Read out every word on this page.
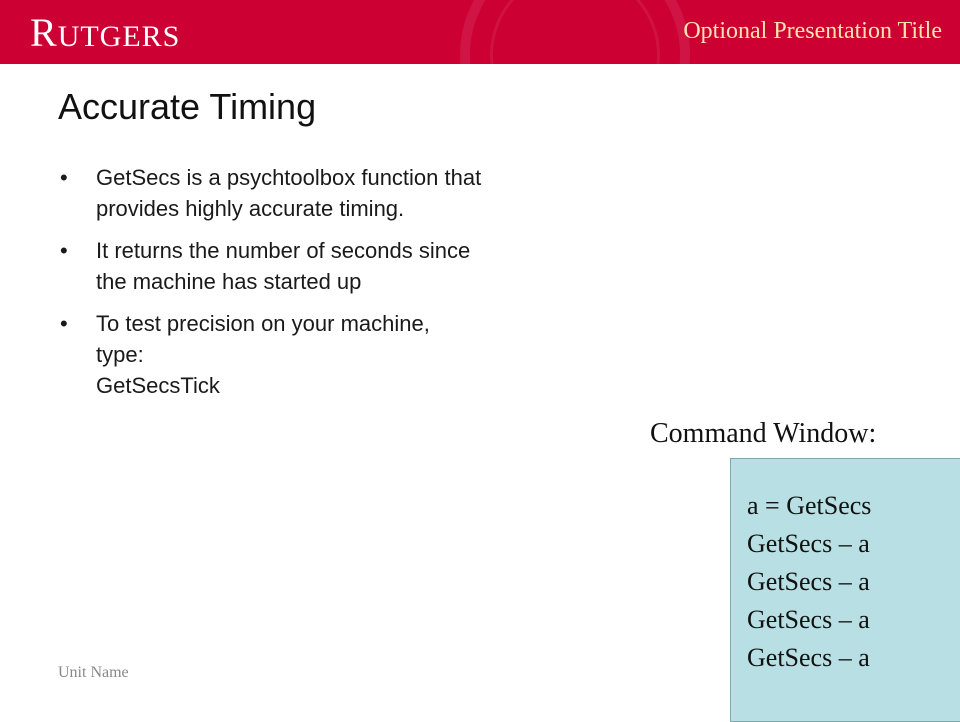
RUTGERS	Optional Presentation Title
Accurate Timing
• GetSecs is a psychtoolbox function that
provides highly accurate timing.
• It returns the number of seconds since
the machine has started up
• To test precision on your machine,
type:
GetSecsTick
Command Window:
a = GetSecs
GetSecs – a
GetSecs – a
GetSecs – a
GetSecs – a
Unit Name
